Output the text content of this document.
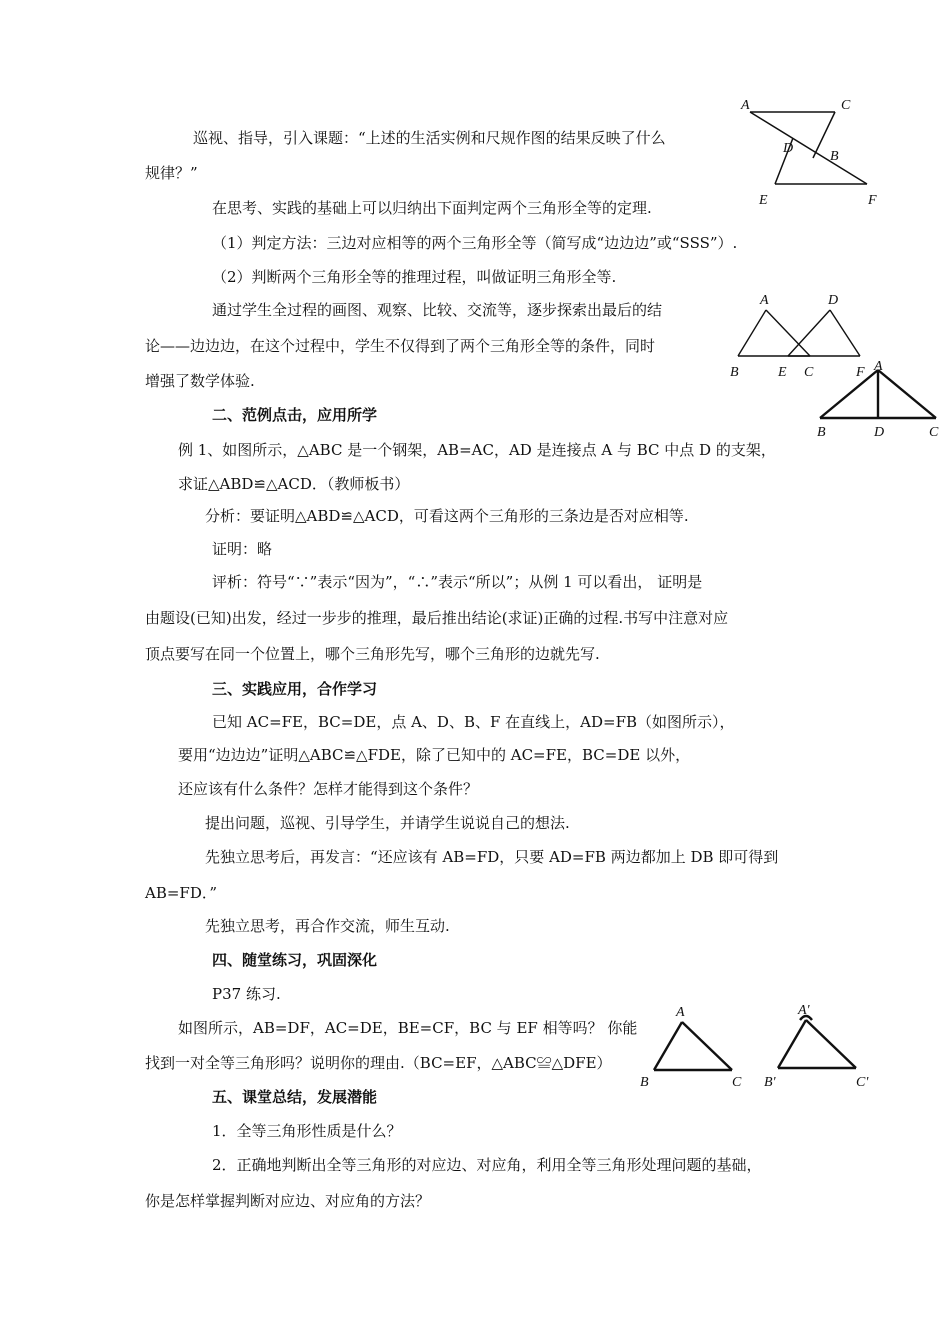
巡视、指导，引入课题：“上述的生活实例和尺规作图的结果反映了什么
规律？”
在思考、实践的基础上可以归纳出下面判定两个三角形全等的定理.
（1）判定方法：三边对应相等的两个三角形全等（简写成“边边边”或“SSS”）.
（2）判断两个三角形全等的推理过程，叫做证明三角形全等.
通过学生全过程的画图、观察、比较、交流等，逐步探索出最后的结
论——边边边，在这个过程中，学生不仅得到了两个三角形全等的条件，同时
增强了数学体验.
二、范例点击，应用所学
例 1、如图所示，△ABC 是一个钢架，AB=AC，AD 是连接点 A 与 BC 中点 D 的支架，
求证△ABD≌△ACD．（教师板书）
分析：要证明△ABD≌△ACD，可看这两个三角形的三条边是否对应相等.
证明：略
评析：符号“∵”表示“因为”，“∴”表示“所以”；从例 1 可以看出， 证明是
由题设(已知)出发，经过一步步的推理，最后推出结论(求证)正确的过程.书写中注意对应
顶点要写在同一个位置上，哪个三角形先写，哪个三角形的边就先写.
三、实践应用，合作学习
已知 AC=FE，BC=DE，点 A、D、B、F 在直线上，AD=FB（如图所示），
要用“边边边”证明△ABC≌△FDE，除了已知中的 AC=FE，BC=DE 以外，
还应该有什么条件？怎样才能得到这个条件？
提出问题，巡视、引导学生，并请学生说说自己的想法.
先独立思考后，再发言：“还应该有 AB=FD，只要 AD=FB 两边都加上 DB 即可得到
AB=FD．”
先独立思考，再合作交流，师生互动.
四、随堂练习，巩固深化
P37 练习.
如图所示，AB=DF，AC=DE，BE=CF，BC 与 EF 相等吗？ 你能
找到一对全等三角形吗？说明你的理由.（BC=EF，△ABC≌△DFE）
五、课堂总结，发展潜能
1．全等三角形性质是什么？
2．正确地判断出全等三角形的对应边、对应角，利用全等三角形处理问题的基础，
你是怎样掌握判断对应边、对应角的方法？
A	C
D
B
E	F
A	D
B	E C	F A
B	D	C
A
B	C
A'
B'	C'
